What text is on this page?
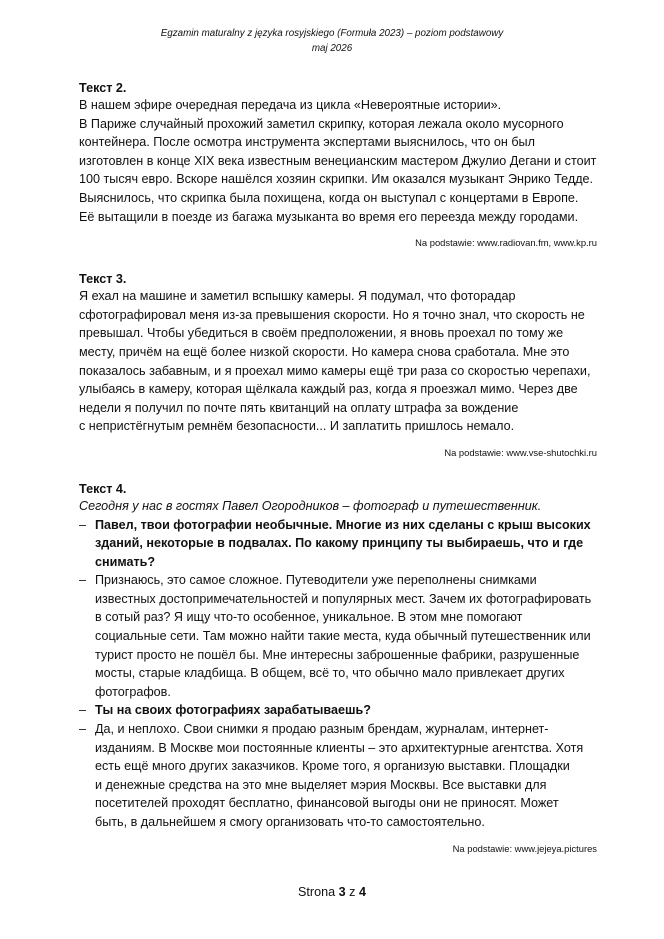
Egzamin maturalny z języka rosyjskiego (Formuła 2023) – poziom podstawowy
maj 2026

Текст 2.

В нашем эфире очередная передача из цикла «Невероятные истории».
В Париже случайный прохожий заметил скрипку, которая лежала около мусорного
контейнера. После осмотра инструмента экспертами выяснилось, что он был
изготовлен в конце XIX века известным венецианским мастером Джулио Дегани и стоит
100 тысяч евро. Вскоре нашёлся хозяин скрипки. Им оказался музыкант Энрико Тедде.
Выяснилось, что скрипка была похищена, когда он выступал с концертами в Европе.
Её вытащили в поезде из багажа музыканта во время его переезда между городами.

Na podstawie: www.radiovan.fm, www.kp.ru

Текст 3.

Я ехал на машине и заметил вспышку камеры. Я подумал, что фоторадар
сфотографировал меня из-за превышения скорости. Но я точно знал, что скорость не
превышал. Чтобы убедиться в своём предположении, я вновь проехал по тому же
месту, причём на ещё более низкой скорости. Но камера снова сработала. Мне это
показалось забавным, и я проехал мимо камеры ещё три раза со скоростью черепахи,
улыбаясь в камеру, которая щёлкала каждый раз, когда я проезжал мимо. Через две
недели я получил по почте пять квитанций на оплату штрафа за вождение
с непристёгнутым ремнём безопасности... И заплатить пришлось немало.

Na podstawie: www.vse-shutochki.ru

Текст 4.

Сегодня у нас в гостях Павел Огородников – фотограф и путешественник.

– Павел, твои фотографии необычные. Многие из них сделаны с крыш высоких
зданий, некоторые в подвалах. По какому принципу ты выбираешь, что и где
снимать?
– Признаюсь, это самое сложное. Путеводители уже переполнены снимками
известных достопримечательностей и популярных мест. Зачем их фотографировать
в сотый раз? Я ищу что-то особенное, уникальное. В этом мне помогают
социальные сети. Там можно найти такие места, куда обычный путешественник или
турист просто не пошёл бы. Мне интересны заброшенные фабрики, разрушенные
мосты, старые кладбища. В общем, всё то, что обычно мало привлекает других
фотографов.
– Ты на своих фотографиях зарабатываешь?
– Да, и неплохо. Свои снимки я продаю разным брендам, журналам, интернет-
изданиям. В Москве мои постоянные клиенты – это архитектурные агентства. Хотя
есть ещё много других заказчиков. Кроме того, я организую выставки. Площадки
и денежные средства на это мне выделяет мэрия Москвы. Все выставки для
посетителей проходят бесплатно, финансовой выгоды они не приносят. Может
быть, в дальнейшем я смогу организовать что-то самостоятельно.

Na podstawie: www.jejeya.pictures

Strona 3 z 4
